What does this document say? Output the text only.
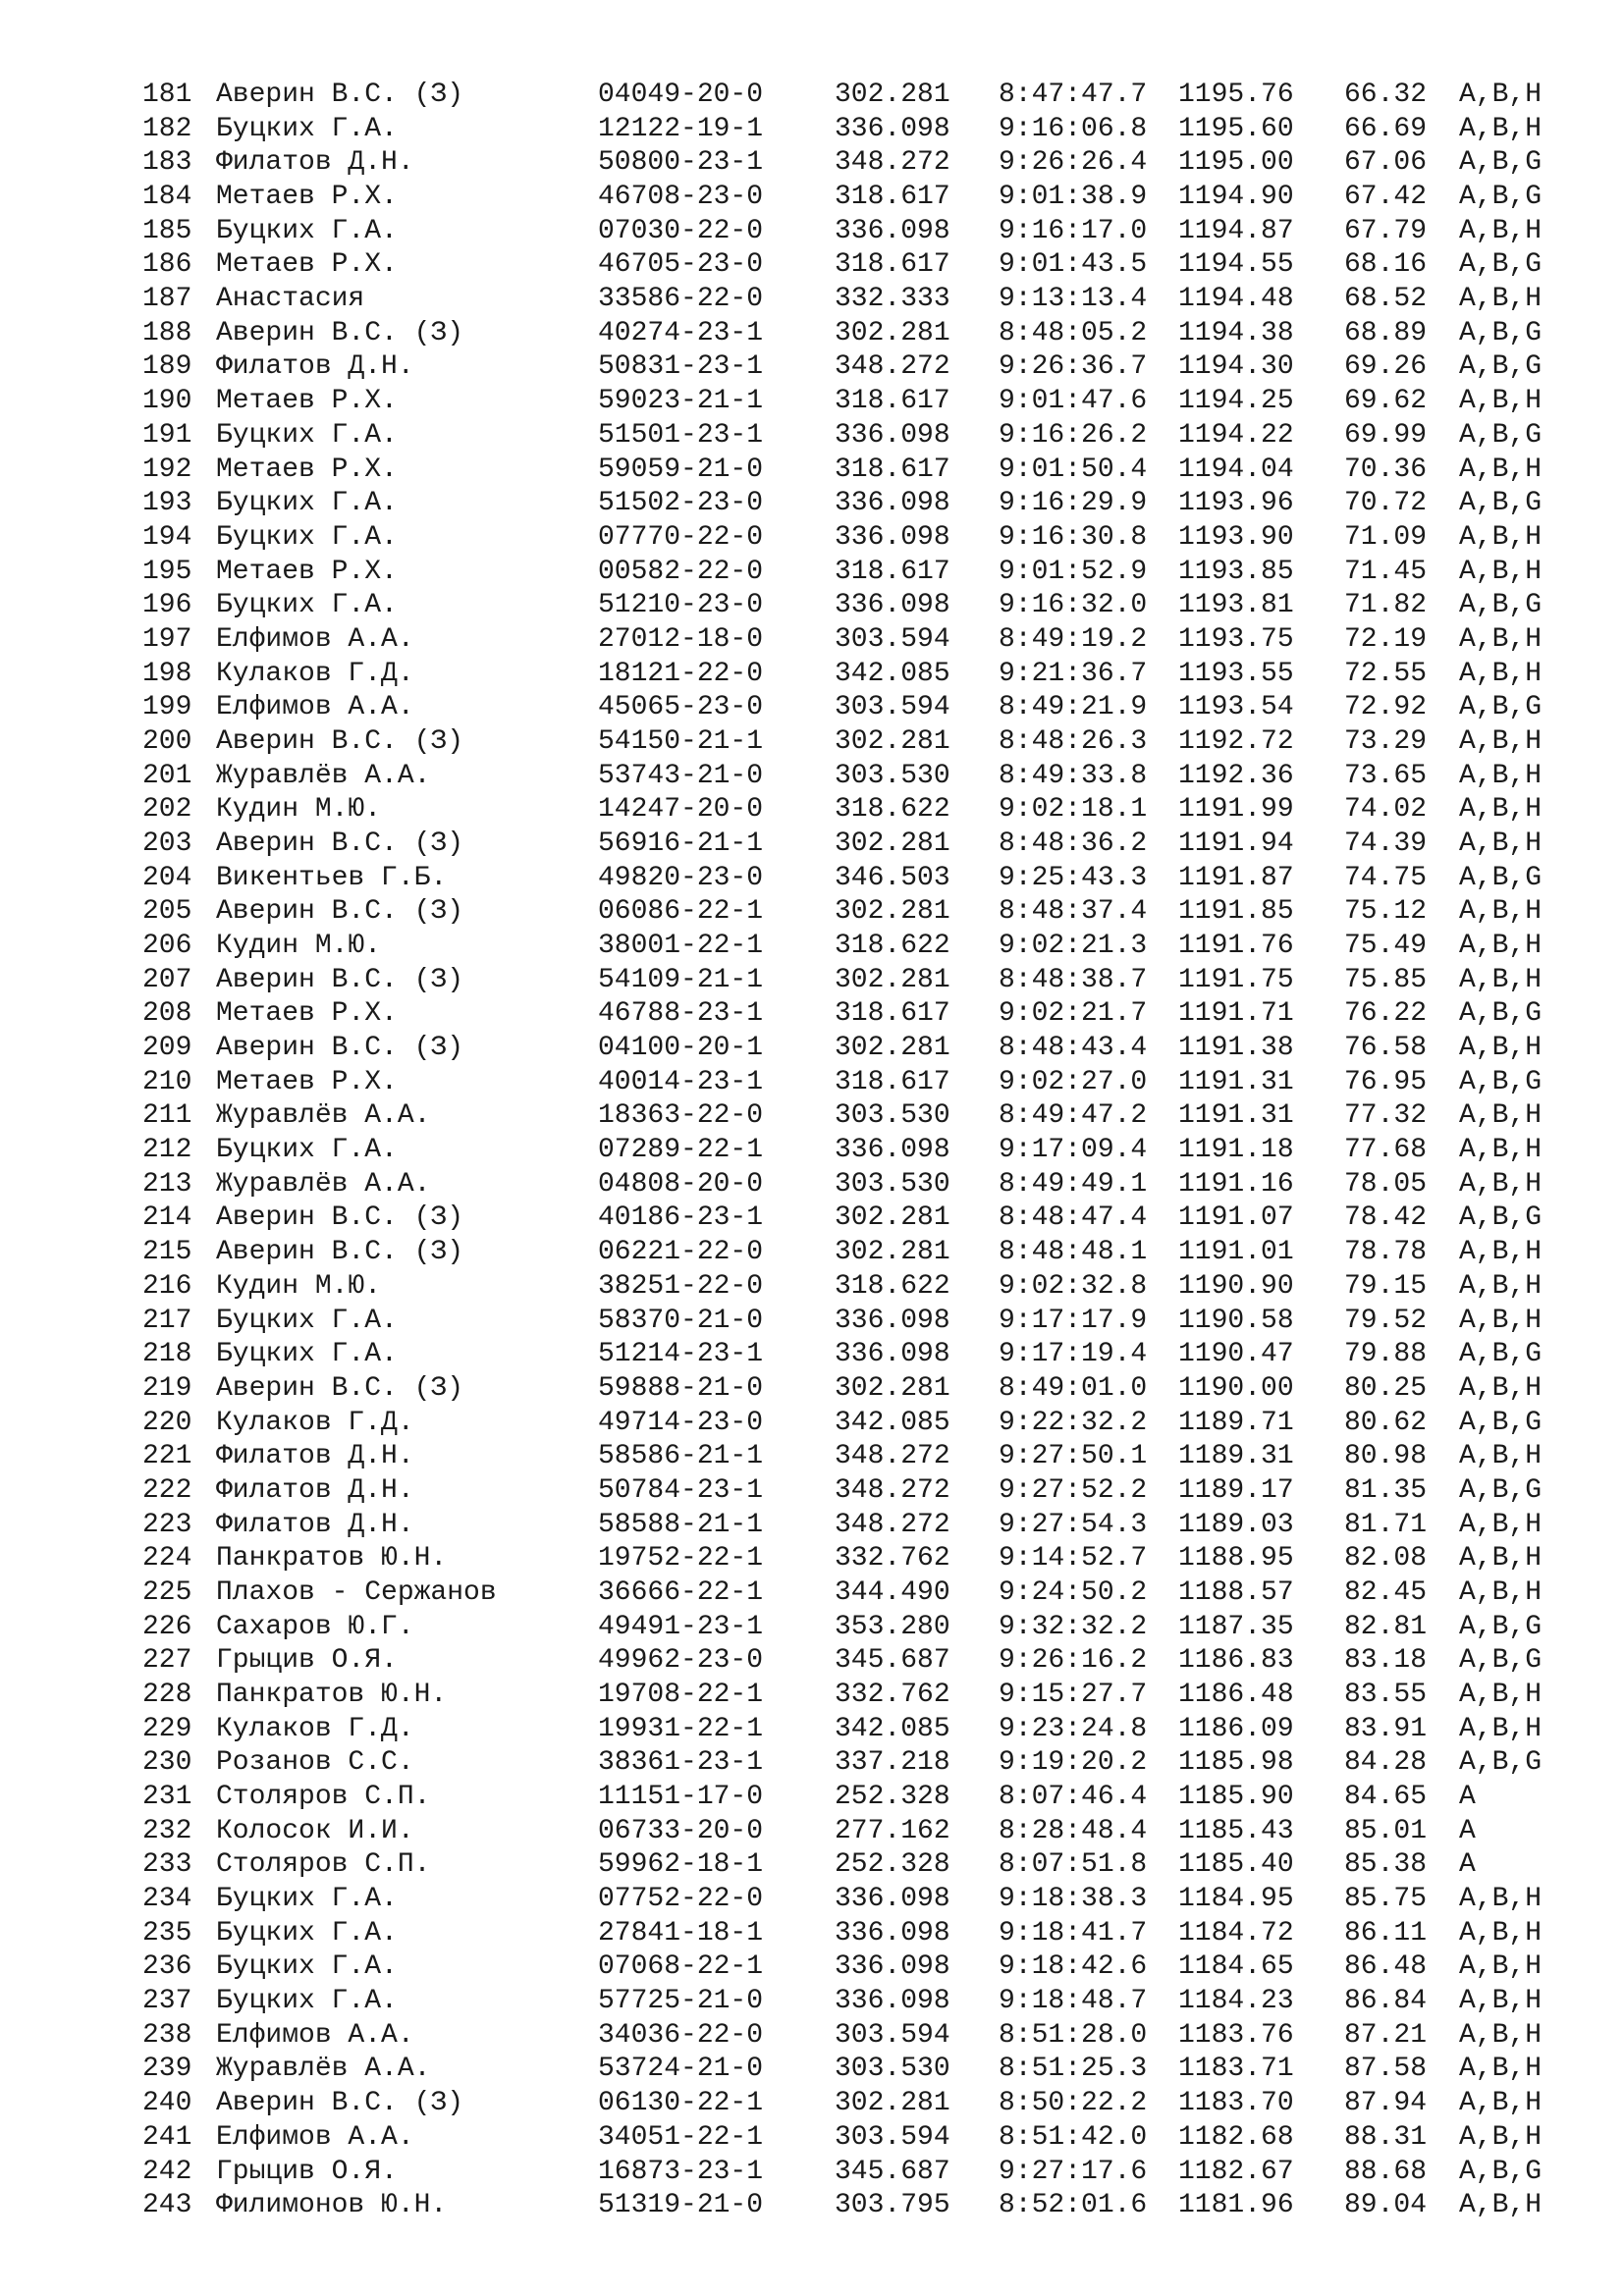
181 Аверин В.С. (З)	04049-20-0	302.281 8:47:47.7 1195.76 66.32 A,B,H
182 Буцких Г.А.	12122-19-1	336.098 9:16:06.8 1195.60 66.69 A,B,H
183 Филатов Д.Н.	50800-23-1	348.272 9:26:26.4 1195.00 67.06 A,B,G
184 Метаев Р.Х.	46708-23-0	318.617 9:01:38.9 1194.90 67.42 A,B,G
185 Буцких Г.А.	07030-22-0	336.098 9:16:17.0 1194.87 67.79 A,B,H
186 Метаев Р.Х.	46705-23-0	318.617 9:01:43.5 1194.55 68.16 A,B,G
187 Анастасия	33586-22-0	332.333 9:13:13.4 1194.48 68.52 A,B,H
188 Аверин В.С. (З)	40274-23-1	302.281 8:48:05.2 1194.38 68.89 A,B,G
189 Филатов Д.Н.	50831-23-1	348.272 9:26:36.7 1194.30 69.26 A,B,G
190 Метаев Р.Х.	59023-21-1	318.617 9:01:47.6 1194.25 69.62 A,B,H
191 Буцких Г.А.	51501-23-1	336.098 9:16:26.2 1194.22 69.99 A,B,G
192 Метаев Р.Х.	59059-21-0	318.617 9:01:50.4 1194.04 70.36 A,B,H
193 Буцких Г.А.	51502-23-0	336.098 9:16:29.9 1193.96 70.72 A,B,G
194 Буцких Г.А.	07770-22-0	336.098 9:16:30.8 1193.90 71.09 A,B,H
195 Метаев Р.Х.	00582-22-0	318.617 9:01:52.9 1193.85 71.45 A,B,H
196 Буцких Г.А.	51210-23-0	336.098 9:16:32.0 1193.81 71.82 A,B,G
197 Елфимов А.А.	27012-18-0	303.594 8:49:19.2 1193.75 72.19 A,B,H
198 Кулаков Г.Д.	18121-22-0	342.085 9:21:36.7 1193.55 72.55 A,B,H
199 Елфимов А.А.	45065-23-0	303.594 8:49:21.9 1193.54 72.92 A,B,G
200 Аверин В.С. (З)	54150-21-1	302.281 8:48:26.3 1192.72 73.29 A,B,H
201 Журавлёв А.А.	53743-21-0	303.530 8:49:33.8 1192.36 73.65 A,B,H
202 Кудин М.Ю.	14247-20-0	318.622 9:02:18.1 1191.99 74.02 A,B,H
203 Аверин В.С. (З)	56916-21-1	302.281 8:48:36.2 1191.94 74.39 A,B,H
204 Викентьев Г.Б.	49820-23-0	346.503 9:25:43.3 1191.87 74.75 A,B,G
205 Аверин В.С. (З)	06086-22-1	302.281 8:48:37.4 1191.85 75.12 A,B,H
206 Кудин М.Ю.	38001-22-1	318.622 9:02:21.3 1191.76 75.49 A,B,H
207 Аверин В.С. (З)	54109-21-1	302.281 8:48:38.7 1191.75 75.85 A,B,H
208 Метаев Р.Х.	46788-23-1	318.617 9:02:21.7 1191.71 76.22 A,B,G
209 Аверин В.С. (З)	04100-20-1	302.281 8:48:43.4 1191.38 76.58 A,B,H
210 Метаев Р.Х.	40014-23-1	318.617 9:02:27.0 1191.31 76.95 A,B,G
211 Журавлёв А.А.	18363-22-0	303.530 8:49:47.2 1191.31 77.32 A,B,H
212 Буцких Г.А.	07289-22-1	336.098 9:17:09.4 1191.18 77.68 A,B,H
213 Журавлёв А.А.	04808-20-0	303.530 8:49:49.1 1191.16 78.05 A,B,H
214 Аверин В.С. (З)	40186-23-1	302.281 8:48:47.4 1191.07 78.42 A,B,G
215 Аверин В.С. (З)	06221-22-0	302.281 8:48:48.1 1191.01 78.78 A,B,H
216 Кудин М.Ю.	38251-22-0	318.622 9:02:32.8 1190.90 79.15 A,B,H
217 Буцких Г.А.	58370-21-0	336.098 9:17:17.9 1190.58 79.52 A,B,H
218 Буцких Г.А.	51214-23-1	336.098 9:17:19.4 1190.47 79.88 A,B,G
219 Аверин В.С. (З)	59888-21-0	302.281 8:49:01.0 1190.00 80.25 A,B,H
220 Кулаков Г.Д.	49714-23-0	342.085 9:22:32.2 1189.71 80.62 A,B,G
221 Филатов Д.Н.	58586-21-1	348.272 9:27:50.1 1189.31 80.98 A,B,H
222 Филатов Д.Н.	50784-23-1	348.272 9:27:52.2 1189.17 81.35 A,B,G
223 Филатов Д.Н.	58588-21-1	348.272 9:27:54.3 1189.03 81.71 A,B,H
224 Панкратов Ю.Н.	19752-22-1	332.762 9:14:52.7 1188.95 82.08 A,B,H
225 Плахов - Сержанов	36666-22-1	344.490 9:24:50.2 1188.57 82.45 A,B,H
226 Сахаров Ю.Г.	49491-23-1	353.280 9:32:32.2 1187.35 82.81 A,B,G
227 Грыцив О.Я.	49962-23-0	345.687 9:26:16.2 1186.83 83.18 A,B,G
228 Панкратов Ю.Н.	19708-22-1	332.762 9:15:27.7 1186.48 83.55 A,B,H
229 Кулаков Г.Д.	19931-22-1	342.085 9:23:24.8 1186.09 83.91 A,B,H
230 Розанов С.С.	38361-23-1	337.218 9:19:20.2 1185.98 84.28 A,B,G
231 Столяров С.П.	11151-17-0	252.328 8:07:46.4 1185.90 84.65 A
232 Колосок И.И.	06733-20-0	277.162 8:28:48.4 1185.43 85.01 A
233 Столяров С.П.	59962-18-1	252.328 8:07:51.8 1185.40 85.38 A
234 Буцких Г.А.	07752-22-0	336.098 9:18:38.3 1184.95 85.75 A,B,H
235 Буцких Г.А.	27841-18-1	336.098 9:18:41.7 1184.72 86.11 A,B,H
236 Буцких Г.А.	07068-22-1	336.098 9:18:42.6 1184.65 86.48 A,B,H
237 Буцких Г.А.	57725-21-0	336.098 9:18:48.7 1184.23 86.84 A,B,H
238 Елфимов А.А.	34036-22-0	303.594 8:51:28.0 1183.76 87.21 A,B,H
239 Журавлёв А.А.	53724-21-0	303.530 8:51:25.3 1183.71 87.58 A,B,H
240 Аверин В.С. (З)	06130-22-1	302.281 8:50:22.2 1183.70 87.94 A,B,H
241 Елфимов А.А.	34051-22-1	303.594 8:51:42.0 1182.68 88.31 A,B,H
242 Грыцив О.Я.	16873-23-1	345.687 9:27:17.6 1182.67 88.68 A,B,G
243 Филимонов Ю.Н.	51319-21-0	303.795 8:52:01.6 1181.96 89.04 A,B,H
